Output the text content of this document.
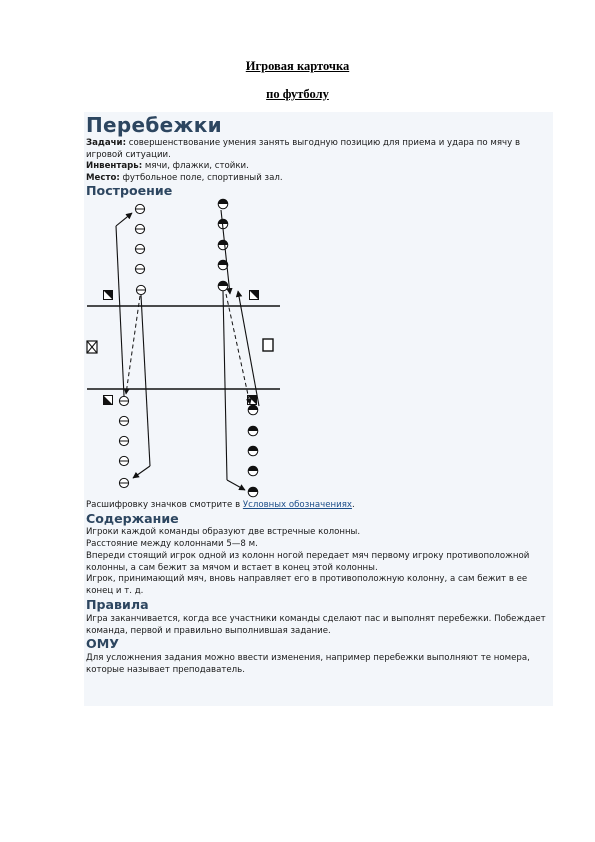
Игровая карточка
по футболу
Перебежки
Задачи: совершенствование умения занять выгодную позицию для приема и удара по мячу в игровой ситуации.
Инвентарь: мячи, флажки, стойки.
Место: футбольное поле, спортивный зал.
Построение
Расшифровку значков смотрите в Условных обозначениях.
Содержание
Игроки каждой команды образуют две встречные колонны.
Расстояние между колоннами 5—8 м.
Впереди стоящий игрок одной из колонн ногой передает мяч первому игроку противоположной колонны, а сам бежит за мячом и встает в конец этой колонны.
Игрок, принимающий мяч, вновь направляет его в противоположную колонну, а сам бежит в ее конец и т. д.
Правила
Игра заканчивается, когда все участники команды сделают пас и выполнят перебежки. Побеждает команда, первой и правильно выполнившая задание.
ОМУ
Для усложнения задания можно ввести изменения, например перебежки выполняют те номера, которые называет преподаватель.
